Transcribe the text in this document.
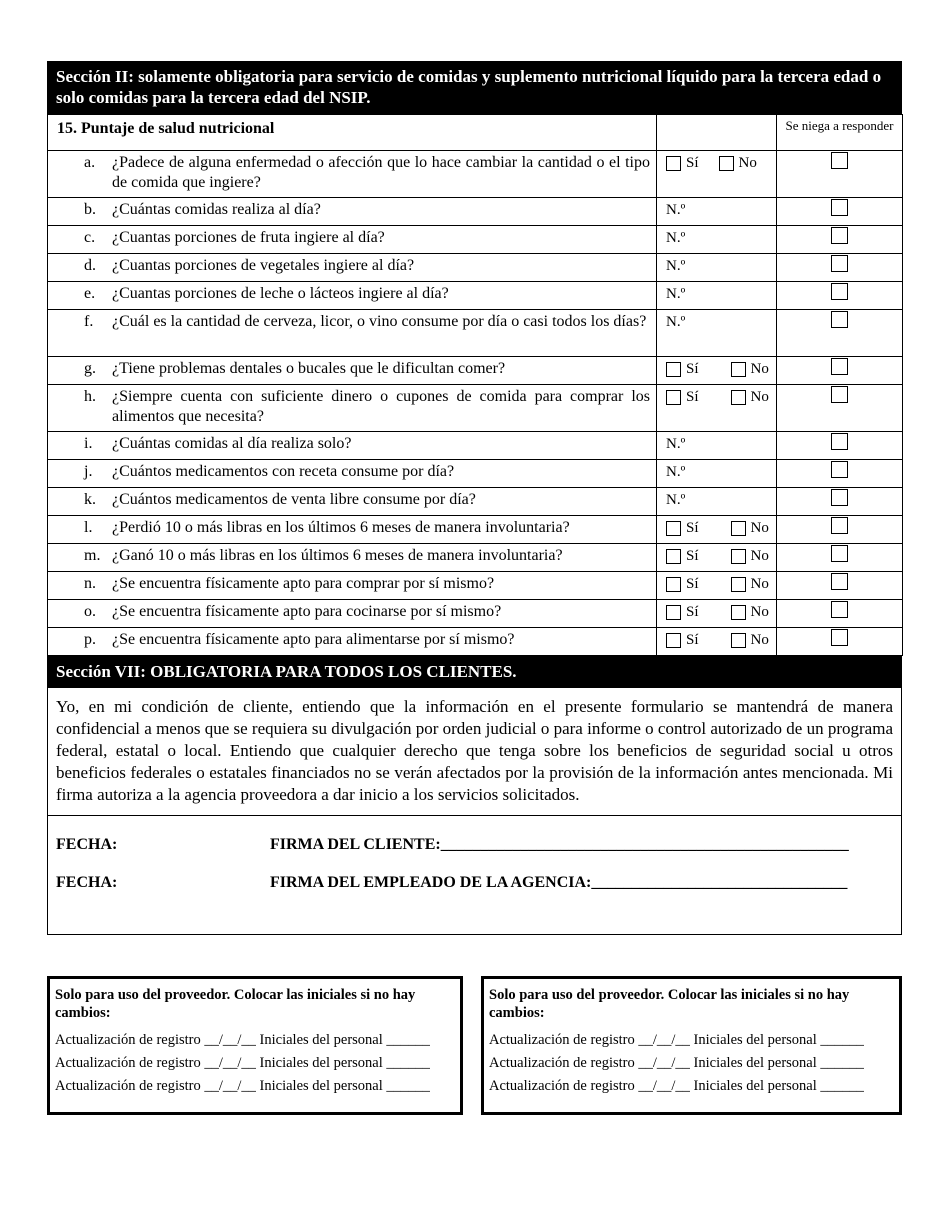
Sección II: solamente obligatoria para servicio de comidas y suplemento nutricional líquido para la tercera edad o solo comidas para la tercera edad del NSIP.
15. Puntaje de salud nutricional		Se niega a responder

a. ¿Padece de alguna enfermedad o afección que lo hace cambiar la cantidad o el tipo de comida que ingiere?	Sí No	

b. ¿Cuántas comidas realiza al día?	N.º	

c. ¿Cuantas porciones de fruta ingiere al día?	N.º	

d. ¿Cuantas porciones de vegetales ingiere al día?	N.º	

e. ¿Cuantas porciones de leche o lácteos ingiere al día?	N.º	

f. ¿Cuál es la cantidad de cerveza, licor, o vino consume por día o casi todos los días?	N.º	

g. ¿Tiene problemas dentales o bucales que le dificultan comer?	Sí No	

h. ¿Siempre cuenta con suficiente dinero o cupones de comida para comprar los alimentos que necesita?	Sí No	

i. ¿Cuántas comidas al día realiza solo?	N.º	

j. ¿Cuántos medicamentos con receta consume por día?	N.º	

k. ¿Cuántos medicamentos de venta libre consume por día?	N.º	

l. ¿Perdió 10 o más libras en los últimos 6 meses de manera involuntaria?	Sí No	

m. ¿Ganó 10 o más libras en los últimos 6 meses de manera involuntaria?	Sí No	

n. ¿Se encuentra físicamente apto para comprar por sí mismo?	Sí No	

o. ¿Se encuentra físicamente apto para cocinarse por sí mismo?	Sí No	

p. ¿Se encuentra físicamente apto para alimentarse por sí mismo?	Sí No	

Sección VII: OBLIGATORIA PARA TODOS LOS CLIENTES.
Yo, en mi condición de cliente, entiendo que la información en el presente formulario se mantendrá de manera confidencial a menos que se requiera su divulgación por orden judicial o para informe o control autorizado de un programa federal, estatal o local. Entiendo que cualquier derecho que tenga sobre los beneficios de seguridad social u otros beneficios federales o estatales financiados no se verán afectados por la provisión de la información antes mencionada. Mi firma autoriza a la agencia proveedora a dar inicio a los servicios solicitados.
FECHA:	FIRMA DEL CLIENTE:___________________________________________________
FECHA:	FIRMA DEL EMPLEADO DE LA AGENCIA:________________________________
Solo para uso del proveedor. Colocar las iniciales si no hay cambios:
Actualización de registro __/__/__ Iniciales del personal ______
Actualización de registro __/__/__ Iniciales del personal ______
Actualización de registro __/__/__ Iniciales del personal ______
Solo para uso del proveedor. Colocar las iniciales si no hay cambios:
Actualización de registro __/__/__ Iniciales del personal ______
Actualización de registro __/__/__ Iniciales del personal ______
Actualización de registro __/__/__ Iniciales del personal ______
